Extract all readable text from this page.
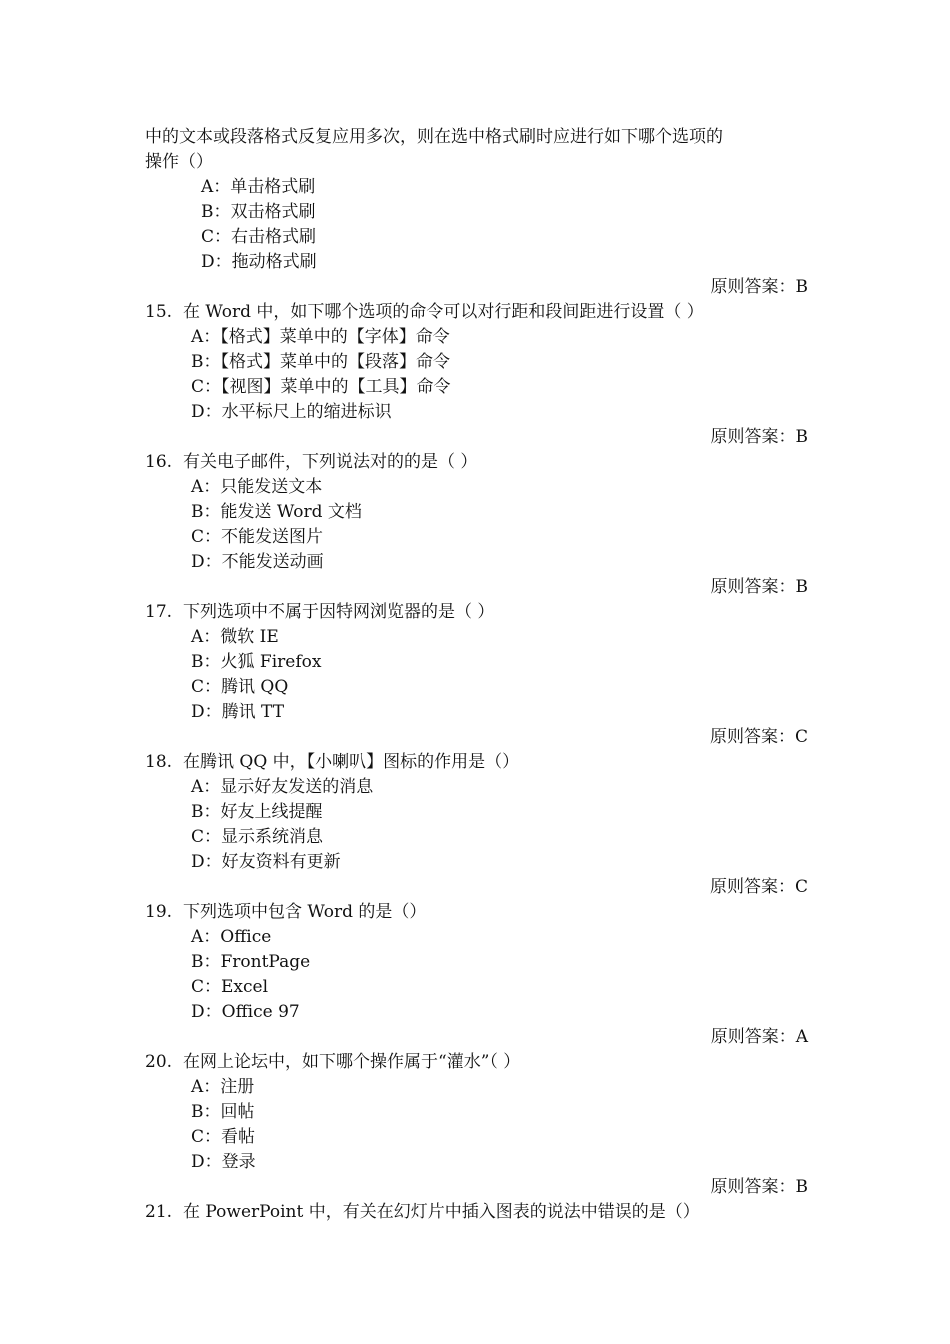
中的文本或段落格式反复应用多次，则在选中格式刷时应进行如下哪个选项的
操作（）
A：单击格式刷
B：双击格式刷
C：右击格式刷
D：拖动格式刷
原则答案：B
15. 在 Word 中，如下哪个选项的命令可以对行距和段间距进行设置（ ）
A：【格式】菜单中的【字体】命令
B：【格式】菜单中的【段落】命令
C：【视图】菜单中的【工具】命令
D：水平标尺上的缩进标识
原则答案：B
16. 有关电子邮件，下列说法对的的是（ ）
A：只能发送文本
B：能发送 Word 文档
C：不能发送图片
D：不能发送动画
原则答案：B
17. 下列选项中不属于因特网浏览器的是（ ）
A：微软 IE
B：火狐 Firefox
C：腾讯 QQ
D：腾讯 TT
原则答案：C
18. 在腾讯 QQ 中，【小喇叭】图标的作用是（）
A：显示好友发送的消息
B：好友上线提醒
C：显示系统消息
D：好友资料有更新
原则答案：C
19. 下列选项中包含 Word 的是（）
A：Office
B：FrontPage
C：Excel
D：Office 97
原则答案：A
20. 在网上论坛中，如下哪个操作属于“灌水”（ ）
A：注册
B：回帖
C：看帖
D：登录
原则答案：B
21. 在 PowerPoint 中，有关在幻灯片中插入图表的说法中错误的是（）
